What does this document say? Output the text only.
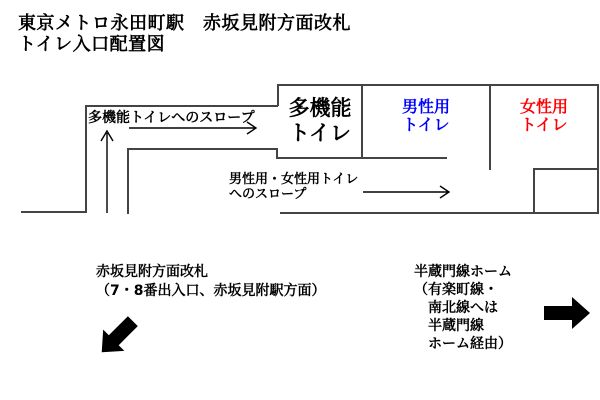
東京メトロ永田町駅　赤坂見附方面改札
トイレ入口配置図
多機能トイレへのスロープ
男性用・女性用トイレ
へのスロープ
多機能
トイレ
男性用
トイレ
女性用
トイレ
赤坂見附方面改札
（7・8番出入口、赤坂見附駅方面）
半蔵門線ホーム
（有楽町線・
南北線へは
半蔵門線
ホーム経由）
